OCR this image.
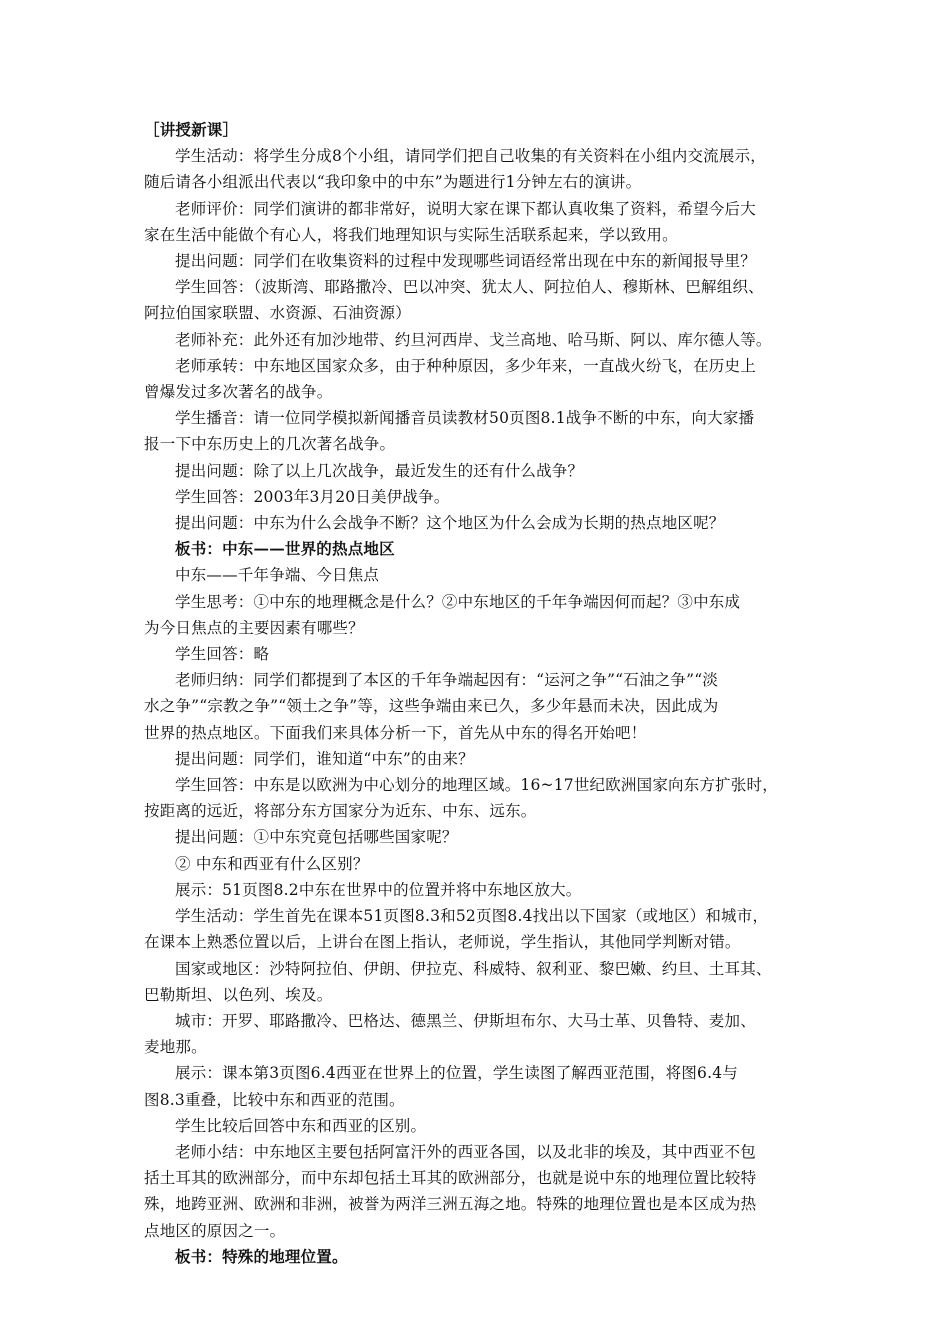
［讲授新课］
学生活动：将学生分成8个小组，请同学们把自己收集的有关资料在小组内交流展示，
随后请各小组派出代表以“我印象中的中东”为题进行1分钟左右的演讲。
老师评价：同学们演讲的都非常好，说明大家在课下都认真收集了资料，希望今后大
家在生活中能做个有心人，将我们地理知识与实际生活联系起来，学以致用。
提出问题：同学们在收集资料的过程中发现哪些词语经常出现在中东的新闻报导里？
学生回答：（波斯湾、耶路撒冷、巴以冲突、犹太人、阿拉伯人、穆斯林、巴解组织、
阿拉伯国家联盟、水资源、石油资源）
老师补充：此外还有加沙地带、约旦河西岸、戈兰高地、哈马斯、阿以、库尔德人等。
老师承转：中东地区国家众多，由于种种原因，多少年来，一直战火纷飞，在历史上
曾爆发过多次著名的战争。
学生播音：请一位同学模拟新闻播音员读教材50页图8.1战争不断的中东，向大家播
报一下中东历史上的几次著名战争。
提出问题：除了以上几次战争，最近发生的还有什么战争？
学生回答：2003年3月20日美伊战争。
提出问题：中东为什么会战争不断？这个地区为什么会成为长期的热点地区呢？
板书：中东——世界的热点地区
中东——千年争端、今日焦点
学生思考：①中东的地理概念是什么？②中东地区的千年争端因何而起？③中东成
为今日焦点的主要因素有哪些？
学生回答：略
老师归纳：同学们都提到了本区的千年争端起因有：“运河之争”“石油之争”“淡
水之争”“宗教之争”“领土之争”等，这些争端由来已久，多少年悬而未决，因此成为
世界的热点地区。下面我们来具体分析一下，首先从中东的得名开始吧！
提出问题：同学们，谁知道“中东”的由来？
学生回答：中东是以欧洲为中心划分的地理区域。16~17世纪欧洲国家向东方扩张时，
按距离的远近，将部分东方国家分为近东、中东、远东。
提出问题：①中东究竟包括哪些国家呢？
② 中东和西亚有什么区别？
展示：51页图8.2中东在世界中的位置并将中东地区放大。
学生活动：学生首先在课本51页图8.3和52页图8.4找出以下国家（或地区）和城市，
在课本上熟悉位置以后，上讲台在图上指认，老师说，学生指认，其他同学判断对错。
国家或地区：沙特阿拉伯、伊朗、伊拉克、科威特、叙利亚、黎巴嫩、约旦、土耳其、
巴勒斯坦、以色列、埃及。
城市：开罗、耶路撒冷、巴格达、德黑兰、伊斯坦布尔、大马士革、贝鲁特、麦加、
麦地那。
展示：课本第3页图6.4西亚在世界上的位置，学生读图了解西亚范围，将图6.4与
图8.3重叠，比较中东和西亚的范围。
学生比较后回答中东和西亚的区别。
老师小结：中东地区主要包括阿富汗外的西亚各国，以及北非的埃及，其中西亚不包
括土耳其的欧洲部分，而中东却包括土耳其的欧洲部分，也就是说中东的地理位置比较特
殊，地跨亚洲、欧洲和非洲，被誉为两洋三洲五海之地。特殊的地理位置也是本区成为热
点地区的原因之一。
板书：特殊的地理位置。
